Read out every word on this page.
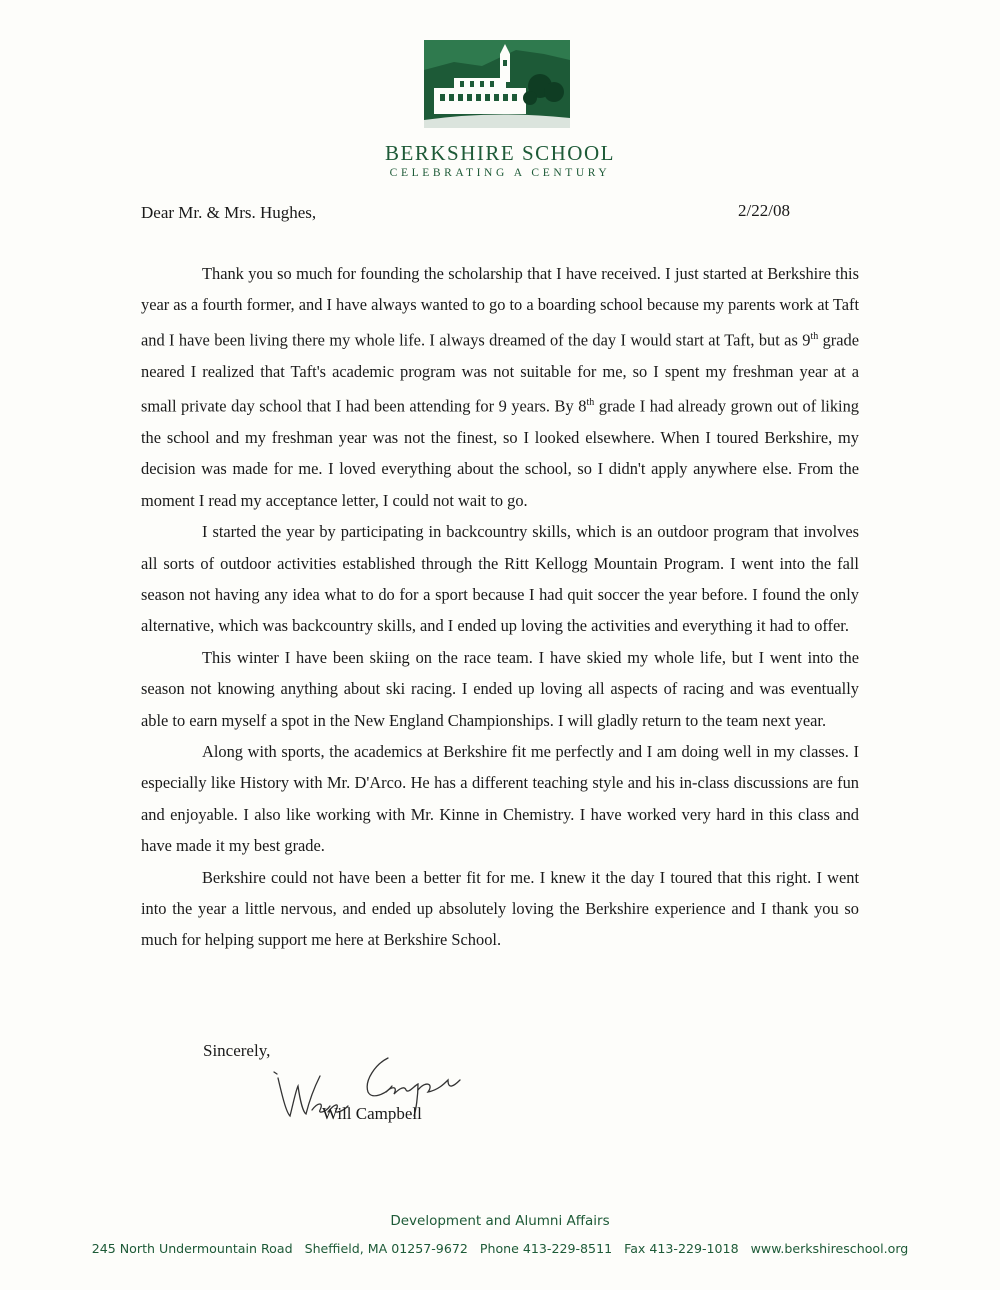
BERKSHIRE SCHOOL
CELEBRATING A CENTURY
Dear Mr. & Mrs. Hughes,	2/22/08

Thank you so much for founding the scholarship that I have received. I just started at Berkshire this year as a fourth former, and I have always wanted to go to a boarding school because my parents work at Taft and I have been living there my whole life. I always dreamed of the day I would start at Taft, but as 9th grade neared I realized that Taft's academic program was not suitable for me, so I spent my freshman year at a small private day school that I had been attending for 9 years. By 8th grade I had already grown out of liking the school and my freshman year was not the finest, so I looked elsewhere. When I toured Berkshire, my decision was made for me. I loved everything about the school, so I didn't apply anywhere else. From the moment I read my acceptance letter, I could not wait to go.

I started the year by participating in backcountry skills, which is an outdoor program that involves all sorts of outdoor activities established through the Ritt Kellogg Mountain Program. I went into the fall season not having any idea what to do for a sport because I had quit soccer the year before. I found the only alternative, which was backcountry skills, and I ended up loving the activities and everything it had to offer.

This winter I have been skiing on the race team. I have skied my whole life, but I went into the season not knowing anything about ski racing. I ended up loving all aspects of racing and was eventually able to earn myself a spot in the New England Championships. I will gladly return to the team next year.

Along with sports, the academics at Berkshire fit me perfectly and I am doing well in my classes. I especially like History with Mr. D'Arco. He has a different teaching style and his in-class discussions are fun and enjoyable. I also like working with Mr. Kinne in Chemistry. I have worked very hard in this class and have made it my best grade.

Berkshire could not have been a better fit for me. I knew it the day I toured that this right. I went into the year a little nervous, and ended up absolutely loving the Berkshire experience and I thank you so much for helping support me here at Berkshire School.

Sincerely,
Will Campbell
Development and Alumni Affairs
245 North Undermountain Road   Sheffield, MA 01257-9672   Phone 413-229-8511   Fax 413-229-1018   www.berkshireschool.org
